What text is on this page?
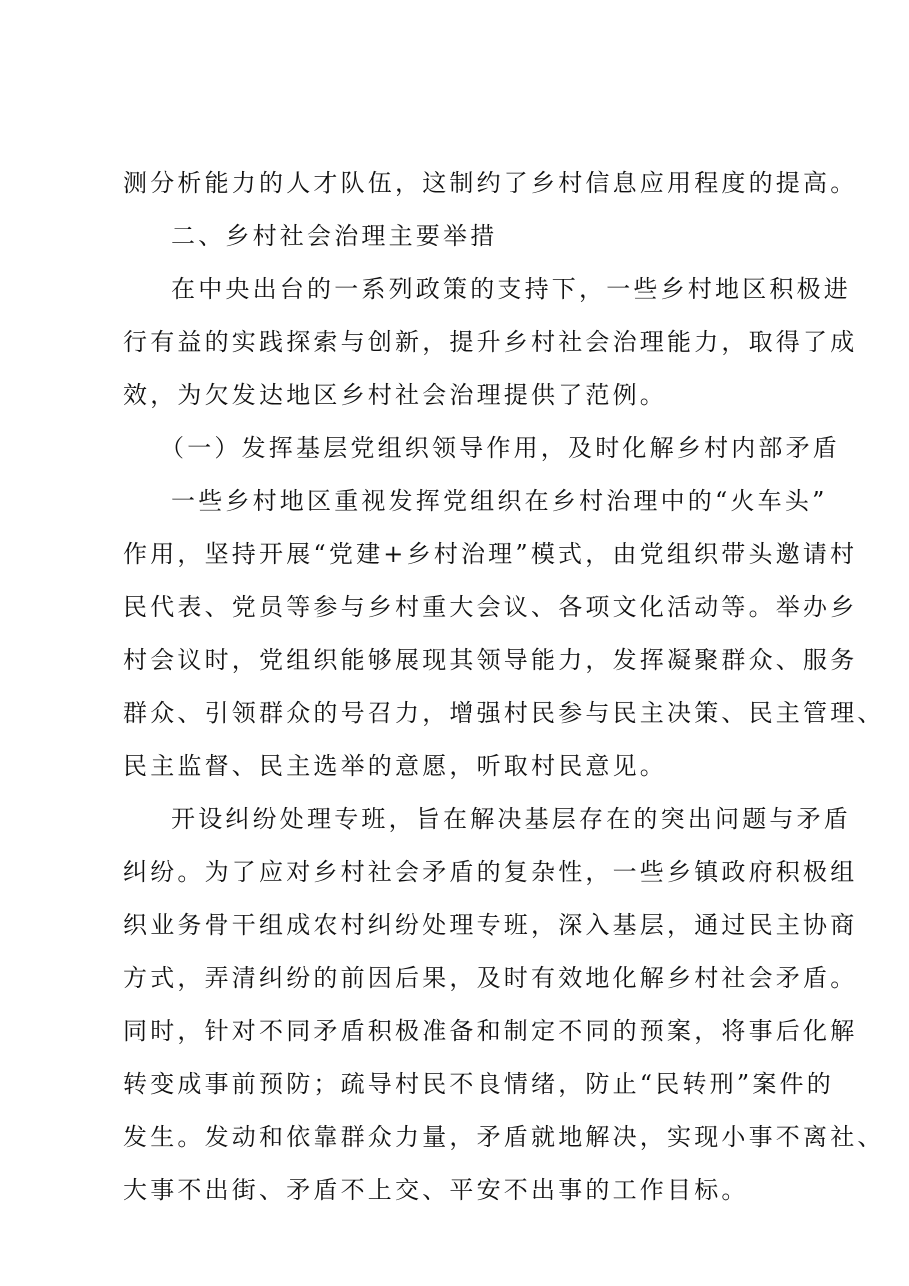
测分析能力的人才队伍，这制约了乡村信息应用程度的提高。
二、乡村社会治理主要举措
在中央出台的一系列政策的支持下，一些乡村地区积极进
行有益的实践探索与创新，提升乡村社会治理能力，取得了成
效，为欠发达地区乡村社会治理提供了范例。
（一）发挥基层党组织领导作用，及时化解乡村内部矛盾
一些乡村地区重视发挥党组织在乡村治理中的“火车头”
作用，坚持开展“党建+乡村治理”模式，由党组织带头邀请村
民代表、党员等参与乡村重大会议、各项文化活动等。举办乡
村会议时，党组织能够展现其领导能力，发挥凝聚群众、服务
群众、引领群众的号召力，增强村民参与民主决策、民主管理、
民主监督、民主选举的意愿，听取村民意见。
开设纠纷处理专班，旨在解决基层存在的突出问题与矛盾
纠纷。为了应对乡村社会矛盾的复杂性，一些乡镇政府积极组
织业务骨干组成农村纠纷处理专班，深入基层，通过民主协商
方式，弄清纠纷的前因后果，及时有效地化解乡村社会矛盾。
同时，针对不同矛盾积极准备和制定不同的预案，将事后化解
转变成事前预防；疏导村民不良情绪，防止“民转刑”案件的
发生。发动和依靠群众力量，矛盾就地解决，实现小事不离社、
大事不出街、矛盾不上交、平安不出事的工作目标。
